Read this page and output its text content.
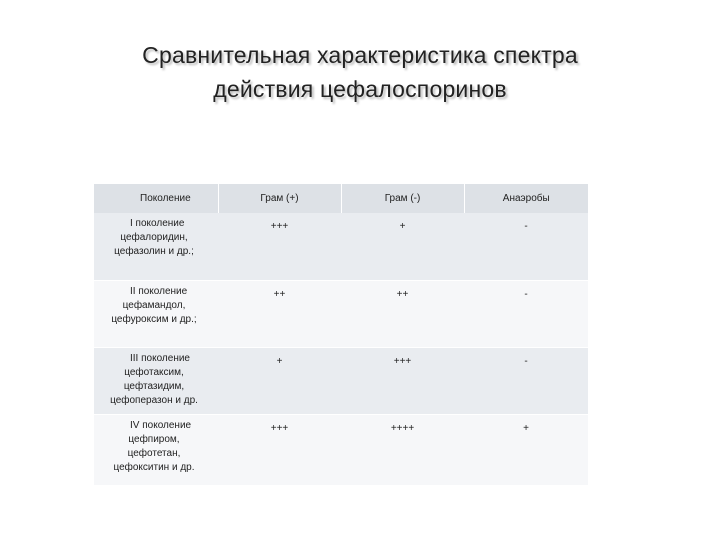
Сравнительная характеристика спектра
действия цефалоспоринов
Поколение	Грам (+)	Грам (-)	Анаэробы

I поколение
цефалоридин,
цефазолин и др.;	+++	+	-

II поколение
цефамандол,
цефуроксим и др.;	++	++	-

III поколение
цефотаксим,
цефтазидим,
цефоперазон и др.	+	+++	-

IV поколение
цефпиром,
цефотетан,
цефокситин и др.	+++	++++	+
